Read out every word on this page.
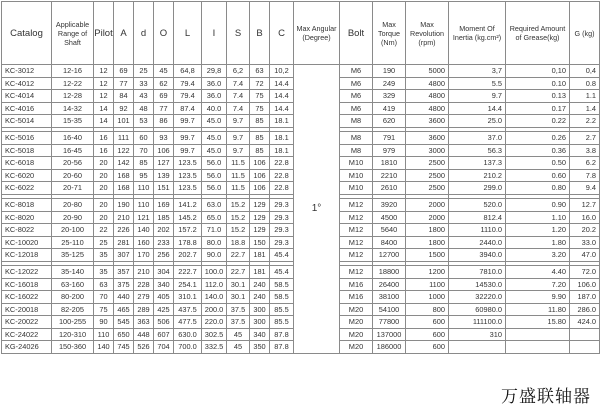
Catalog	Applicable Range of Shaft	Pilot	A	d	O	L	I	S	B	C	Max Angular (Degree)	Bolt	Max Torque (Nm)	Max Revolution (rpm)	Moment Of Inertia (kg.cm²)	Required Amount of Grease(kg)	G (kg)
KC-3012	12-16	12	69	25	45	64,8	29,8	6,2	63	10,2	1°	M6	190	5000	3,7	0,10	0,4
KC-4012	12-22	12	77	33	62	79.4	36.0	7.4	72	14.4		M6	249	4800	5.5	0.10	0.8
KC-4014	12-28	12	84	43	69	79.4	36.0	7.4	75	14.4		M6	329	4800	9.7	0.13	1.1
KC-4016	14-32	14	92	48	77	87.4	40.0	7.4	75	14.4		M6	419	4800	14.4	0.17	1.4
KC-5014	15-35	14	101	53	86	99.7	45.0	9.7	85	18.1		M8	620	3600	25.0	0.22	2.2

KC-5016	16-40	16	111	60	93	99.7	45.0	9.7	85	18.1		M8	791	3600	37.0	0.26	2.7
KC-5018	16-45	16	122	70	106	99.7	45.0	9.7	85	18.1		M8	979	3000	56.3	0.36	3.8
KC-6018	20-56	20	142	85	127	123.5	56.0	11.5	106	22.8		M10	1810	2500	137.3	0.50	6.2
KC-6020	20-60	20	168	95	139	123.5	56.0	11.5	106	22.8		M10	2210	2500	210.2	0.60	7.8
KC-6022	20-71	20	168	110	151	123.5	56.0	11.5	106	22.8		M10	2610	2500	299.0	0.80	9.4

KC-8018	20-80	20	190	110	169	141.2	63.0	15.2	129	29.3		M12	3920	2000	520.0	0.90	12.7
KC-8020	20-90	20	210	121	185	145.2	65.0	15.2	129	29.3		M12	4500	2000	812.4	1.10	16.0
KC-8022	20-100	22	226	140	202	157.2	71.0	15.2	129	29.3		M12	5640	1800	1110.0	1.20	20.2
KC-10020	25-110	25	281	160	233	178.8	80.0	18.8	150	29.3		M12	8400	1800	2440.0	1.80	33.0
KC-12018	35-125	35	307	170	256	202.7	90.0	22.7	181	45.4		M12	12700	1500	3940.0	3.20	47.0

KC-12022	35-140	35	357	210	304	222.7	100.0	22.7	181	45.4		M12	18800	1200	7810.0	4.40	72.0
KC-16018	63-160	63	375	228	340	254.1	112.0	30.1	240	58.5		M16	26400	1100	14530.0	7.20	106.0
KC-16022	80-200	70	440	279	405	310.1	140.0	30.1	240	58.5		M16	38100	1000	32220.0	9.90	187.0
KC-20018	82-205	75	465	289	425	437.5	200.0	37.5	300	85.5		M20	54100	800	60980.0	11.80	286.0
KC-20022	100-255	90	545	363	506	477.5	220.0	37.5	300	85.5		M20	77800	600	111100.0	15.80	424.0
KC-24022	120-310	110	650	448	607	630.0	302.5	45	340	87.8		M20	137000	600	310		
KG-24026	150-360	140	745	526	704	700.0	332.5	45	350	87.8		M20	186000	600			
万盛联轴器
